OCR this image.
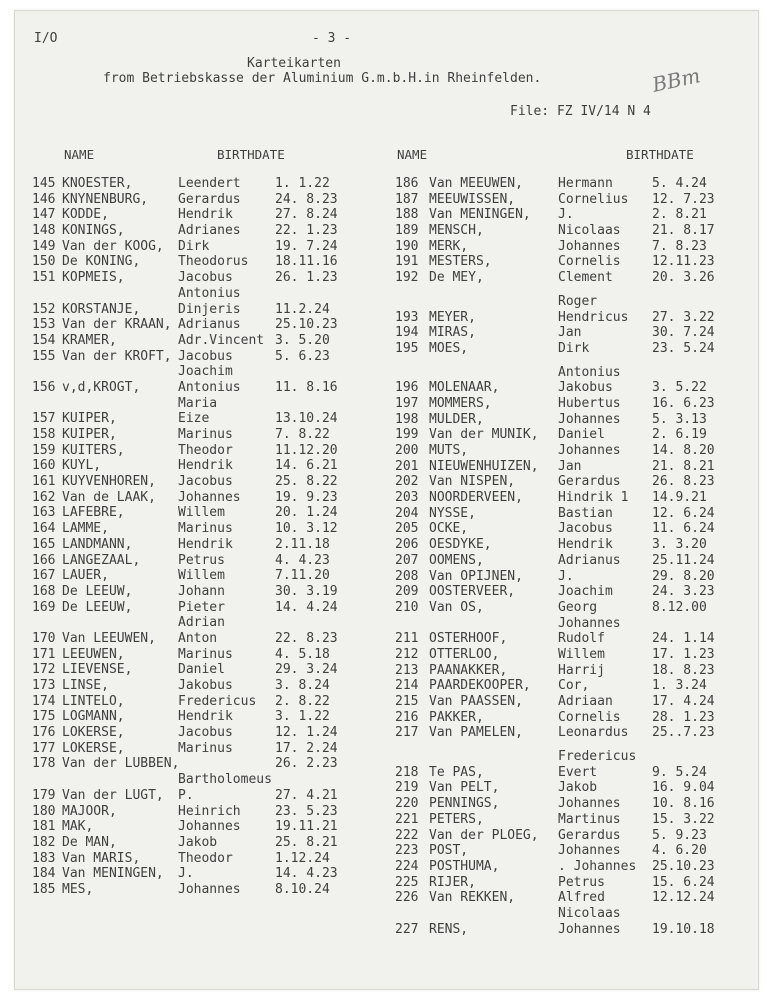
I/O	- 3 -
Karteikarten
from Betriebskasse der Aluminium G.m.b.H.in Rheinfelden.
File: FZ IV/14 N 4
BBm
NAME	BIRTHDATE	NAME	BIRTHDATE
145 KNOESTER,	Leendert	1. 1.22
146 KNYNENBURG, Gerardus	24. 8.23
147 KODDE,	Hendrik	27. 8.24
148 KONINGS,	Adrianes	22. 1.23
149 Van der KOOG, Dirk	19. 7.24
150 De KONING,	Theodorus 18.11.16
151 KOPMEIS,	Jacobus	26. 1.23
Antonius
152 KORSTANJE,	Dinjeris	11.2.24
153 Van der KRAAN, Adrianus	25.10.23
154 KRAMER,	Adr.Vincent 3. 5.20
155 Van der KROFT, Jacobus	5. 6.23
Joachim
156 v,d,KROGT,	Antonius	11. 8.16
Maria
157 KUIPER,	Eize	13.10.24
158 KUIPER,	Marinus	7. 8.22
159 KUITERS,	Theodor	11.12.20
160 KUYL,	Hendrik	14. 6.21
161 KUYVENHOREN, Jacobus	25. 8.22
162 Van de LAAK, Johannes	19. 9.23
163 LAFEBRE,	Willem	20. 1.24
164 LAMME,	Marinus	10. 3.12
165 LANDMANN,	Hendrik	2.11.18
166 LANGEZAAL,	Petrus	4. 4.23
167 LAUER,	Willem	7.11.20
168 De LEEUW,	Johann	30. 3.19
169 De LEEUW,	Pieter	14. 4.24
Adrian
170 Van LEEUWEN, Anton	22. 8.23
171 LEEUWEN,	Marinus	4. 5.18
172 LIEVENSE,	Daniel	29. 3.24
173 LINSE,	Jakobus	3. 8.24
174 LINTELO,	Fredericus 2. 8.22
175 LOGMANN,	Hendrik	3. 1.22
176 LOKERSE,	Jacobus	12. 1.24
177 LOKERSE,	Marinus	17. 2.24
178 Van der LUBBEN,	26. 2.23
Bartholomeus
179 Van der LUGT, P.	27. 4.21
180 MAJOOR,	Heinrich	23. 5.23
181 MAK,	Johannes	19.11.21
182 De MAN,	Jakob	25. 8.21
183 Van MARIS,	Theodor	1.12.24
184 Van MENINGEN, J.	14. 4.23
185 MES,	Johannes	8.10.24
186 Van MEEUWEN,	Hermann	5. 4.24
187 MEEUWISSEN,	Cornelius 12. 7.23
188 Van MENINGEN, J.	2. 8.21
189 MENSCH,	Nicolaas 21. 8.17
190 MERK,	Johannes 7. 8.23
191 MESTERS,	Cornelis 12.11.23
192 De MEY,	Clement	20. 3.26
Roger
193 MEYER,	Hendricus 27. 3.22
194 MIRAS,	Jan	30. 7.24
195 MOES,	Dirk	23. 5.24
Antonius
196 MOLENAAR,	Jakobus	3. 5.22
197 MOMMERS,	Hubertus 16. 6.23
198 MULDER,	Johannes 5. 3.13
199 Van der MUNIK, Daniel	2. 6.19
200 MUTS,	Johannes 14. 8.20
201 NIEUWENHUIZEN, Jan	21. 8.21
202 Van NISPEN,	Gerardus 26. 8.23
203 NOORDERVEEN,	Hindrik 1 14.9.21
204 NYSSE,	Bastian	12. 6.24
205 OCKE,	Jacobus	11. 6.24
206 OESDYKE,	Hendrik	3. 3.20
207 OOMENS,	Adrianus 25.11.24
208 Van OPIJNEN,	J.	29. 8.20
209 OOSTERVEER,	Joachim	24. 3.23
210 Van OS,	Georg	8.12.00
Johannes
211 OSTERHOOF,	Rudolf	24. 1.14
212 OTTERLOO,	Willem	17. 1.23
213 PAANAKKER,	Harrij	18. 8.23
214 PAARDEKOOPER, Cor,	1. 3.24
215 Van PAASSEN,	Adriaan	17. 4.24
216 PAKKER,	Cornelis 28. 1.23
217 Van PAMELEN,	Leonardus 25..7.23
Fredericus
218 Te PAS,	Evert	9. 5.24
219 Van PELT,	Jakob	16. 9.04
220 PENNINGS,	Johannes 10. 8.16
221 PETERS,	Martinus 15. 3.22
222 Van der PLOEG, Gerardus 5. 9.23
223 POST,	Johannes 4. 6.20
224 POSTHUMA,	. Johannes 25.10.23
225 RIJER,	Petrus	15. 6.24
226 Van REKKEN,	Alfred	12.12.24
Nicolaas
227 RENS,	Johannes 19.10.18
